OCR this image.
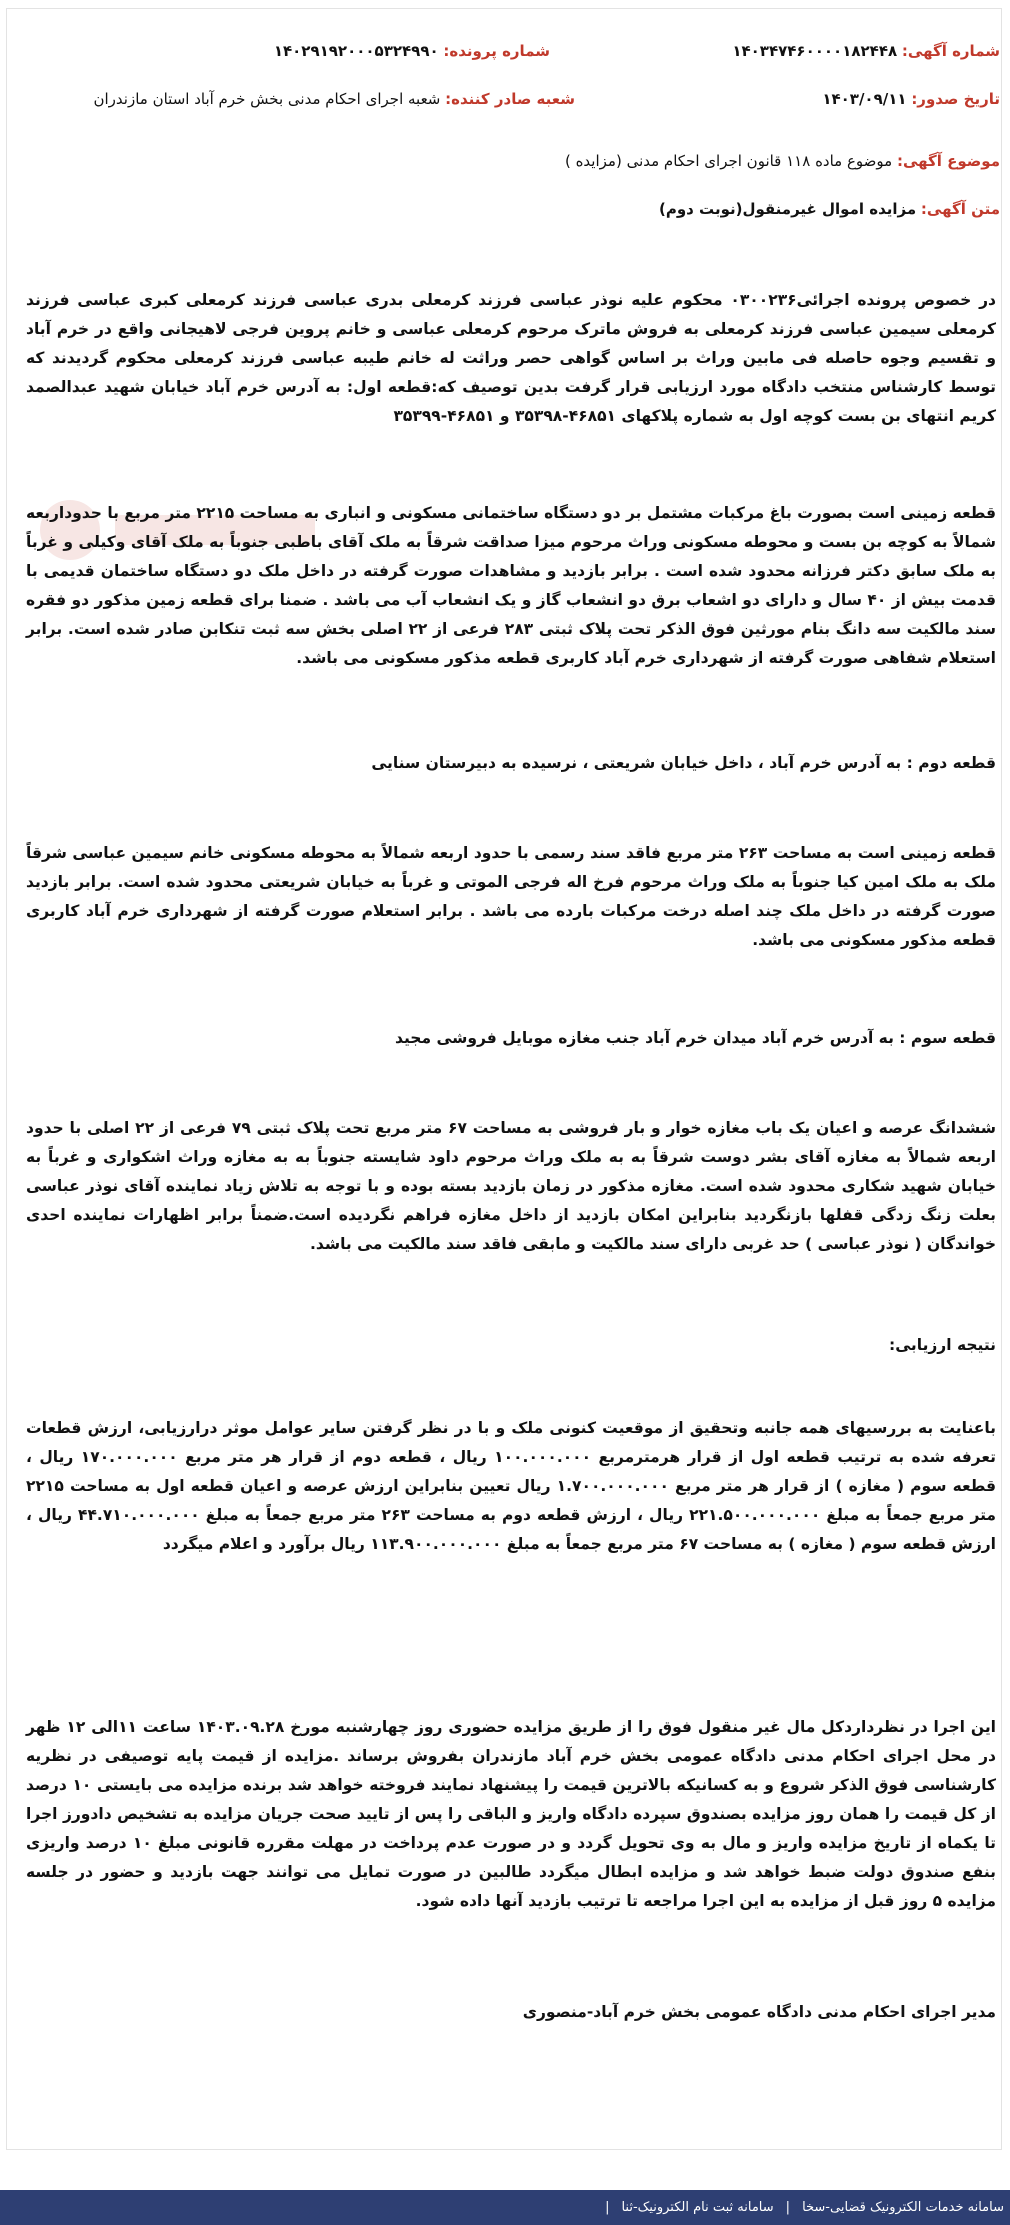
شماره آگهی: ۱۴۰۳۴۷۴۶۰۰۰۰۱۸۲۴۴۸
شماره پرونده: ۱۴۰۲۹۱۹۲۰۰۰۵۳۲۴۹۹۰
تاریخ صدور: ۱۴۰۳/۰۹/۱۱
شعبه صادر کننده: شعبه اجرای احکام مدنی بخش خرم آباد استان مازندران
موضوع آگهی: موضوع ماده ۱۱۸ قانون اجرای احکام مدنی (مزایده )
متن آگهی: مزایده اموال غیرمنقول(نوبت دوم)
در خصوص پرونده اجرائی۰۳۰۰۲۳۶ محکوم علیه نوذر عباسی فرزند کرمعلی بدری عباسی فرزند کرمعلی کبری عباسی فرزند کرمعلی سیمین عباسی فرزند کرمعلی به فروش ماترک مرحوم کرمعلی عباسی و خانم پروین فرجی لاهیجانی واقع در خرم آباد و تقسیم وجوه حاصله فی مابین وراث بر اساس گواهی حصر وراثت له خانم طیبه عباسی فرزند کرمعلی محکوم گردیدند که توسط کارشناس منتخب دادگاه مورد ارزیابی قرار گرفت بدین توصیف که:قطعه اول: به آدرس خرم آباد خیابان شهید عبدالصمد کریم انتهای بن بست کوچه اول به شماره پلاکهای ۴۶۸۵۱-۳۵۳۹۸ و ۴۶۸۵۱-۳۵۳۹۹
قطعه زمینی است بصورت باغ مرکبات مشتمل بر دو دستگاه ساختمانی مسکونی و انباری به مساحت ۲۲۱۵ متر مربع با حدوداربعه شمالاً به کوچه بن بست و محوطه مسکونی وراث مرحوم میزا صداقت شرقاً به ملک آقای باطبی جنوباً به ملک آقای وکیلی و غرباً به ملک سابق دکتر فرزانه محدود شده است . برابر بازدید و مشاهدات صورت گرفته در داخل ملک دو دستگاه ساختمان قدیمی با قدمت بیش از ۴۰ سال و دارای دو اشعاب برق دو انشعاب گاز و یک انشعاب آب می باشد . ضمنا برای قطعه زمین مذکور دو فقره سند مالکیت سه دانگ بنام مورثین فوق الذکر تحت پلاک ثبتی ۲۸۳ فرعی از ۲۲ اصلی بخش سه ثبت تنکابن صادر شده است. برابر استعلام شفاهی صورت گرفته از شهرداری خرم آباد کاربری قطعه مذکور مسکونی می باشد.
قطعه دوم : به آدرس خرم آباد ، داخل خیابان شریعتی ، نرسیده به دبیرستان سنایی
قطعه زمینی است به مساحت ۲۶۳ متر مربع فاقد سند رسمی با حدود اربعه شمالاً به محوطه مسکونی خانم سیمین عباسی شرقاً ملک به ملک امین کیا جنوباً به ملک وراث مرحوم فرخ اله فرجی الموتی و غرباً به خیابان شریعتی محدود شده است. برابر بازدید صورت گرفته در داخل ملک چند اصله درخت مرکبات بارده می باشد . برابر استعلام صورت گرفته از شهرداری خرم آباد کاربری قطعه مذکور مسکونی می باشد.
قطعه سوم : به آدرس خرم آباد میدان خرم آباد جنب مغازه موبایل فروشی مجید
ششدانگ عرصه و اعیان یک باب مغازه خوار و بار فروشی به مساحت ۶۷ متر مربع تحت پلاک ثبتی ۷۹ فرعی از ۲۲ اصلی با حدود اربعه شمالاً به مغازه آقای بشر دوست شرقاً به به ملک وراث مرحوم داود شایسته جنوباً به به مغازه وراث اشکواری و غرباً به خیابان شهید شکاری محدود شده است. مغازه مذکور در زمان بازدید بسته بوده و با توجه به تلاش زیاد نماینده آقای نوذر عباسی بعلت زنگ زدگی قفلها بازنگردید بنابراین امکان بازدید از داخل مغازه فراهم نگردیده است.ضمناً برابر اظهارات نماینده احدی خواندگان ( نوذر عباسی ) حد غربی دارای سند مالکیت و مابقی فاقد سند مالکیت می باشد.
نتیجه ارزیابی:
باعنایت به بررسیهای همه جانبه وتحقیق از موقعیت کنونی ملک و با در نظر گرفتن سایر عوامل موثر درارزیابی، ارزش قطعات تعرفه شده به ترتیب قطعه اول از قرار هرمترمربع ۱۰۰.۰۰۰.۰۰۰ ریال ، قطعه دوم از قرار هر متر مربع ۱۷۰.۰۰۰.۰۰۰ ریال ، قطعه سوم ( مغازه ) از قرار هر متر مربع ۱.۷۰۰.۰۰۰.۰۰۰ ریال تعیین بنابراین ارزش عرصه و اعیان قطعه اول به مساحت ۲۲۱۵ متر مربع جمعاً به مبلغ ۲۲۱.۵۰۰.۰۰۰.۰۰۰ ریال ، ارزش قطعه دوم به مساحت ۲۶۳ متر مربع جمعاً به مبلغ ۴۴.۷۱۰.۰۰۰.۰۰۰ ریال ، ارزش قطعه سوم ( مغازه ) به مساحت ۶۷ متر مربع جمعاً به مبلغ ۱۱۳.۹۰۰.۰۰۰.۰۰۰ ریال برآورد و اعلام میگردد
این اجرا در نظرداردکل مال غیر منقول فوق را از طریق مزایده حضوری روز چهارشنبه مورخ ۱۴۰۳.۰۹.۲۸ ساعت ۱۱الی ۱۲ ظهر در محل اجرای احکام مدنی دادگاه عمومی بخش خرم آباد مازندران بفروش برساند .مزایده از قیمت پایه توصیفی در نظریه کارشناسی فوق الذکر شروع و به کسانیکه بالاترین قیمت را پیشنهاد نمایند فروخته خواهد شد برنده مزایده می بایستی ۱۰ درصد از کل قیمت را همان روز مزایده بصندوق سپرده دادگاه واریز و الباقی را پس از تایید صحت جریان مزایده به تشخیص دادورز اجرا تا یکماه از تاریخ مزایده واریز و مال به وی تحویل گردد و در صورت عدم پرداخت در مهلت مقرره قانونی مبلغ ۱۰ درصد واریزی بنفع صندوق دولت ضبط خواهد شد و مزایده ابطال میگردد طالبین در صورت تمایل می توانند جهت بازدید و حضور در جلسه مزایده ۵ روز قبل از مزایده به این اجرا مراجعه تا ترتیب بازدید آنها داده شود.
مدیر اجرای احکام مدنی دادگاه عمومی بخش خرم آباد-منصوری
سامانه خدمات الکترونیک قضایی-سخا
|
سامانه ثبت نام الکترونیک-ثنا
|
